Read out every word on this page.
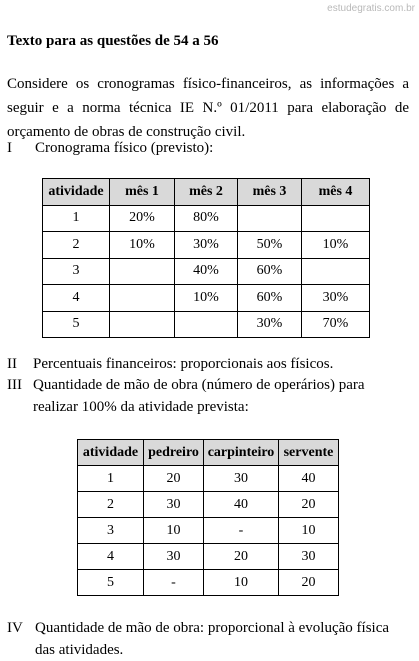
estudegratis.com.br
Texto para as questões de 54 a 56
Considere os cronogramas físico-financeiros, as informações a seguir e a norma técnica IE N.º 01/2011 para elaboração de orçamento de obras de construção civil.
I Cronograma físico (previsto):
atividade	mês 1	mês 2	mês 3	mês 4
1	20%	80%		
2	10%	30%	50%	10%
3		40%	60%	
4		10%	60%	30%
5			30%	70%
II Percentuais financeiros: proporcionais aos físicos.
III Quantidade de mão de obra (número de operários) para realizar 100% da atividade prevista:
atividade	pedreiro	carpinteiro	servente
1	20	30	40
2	30	40	20
3	10	-	10
4	30	20	30
5	-	10	20
IV Quantidade de mão de obra: proporcional à evolução física das atividades.
